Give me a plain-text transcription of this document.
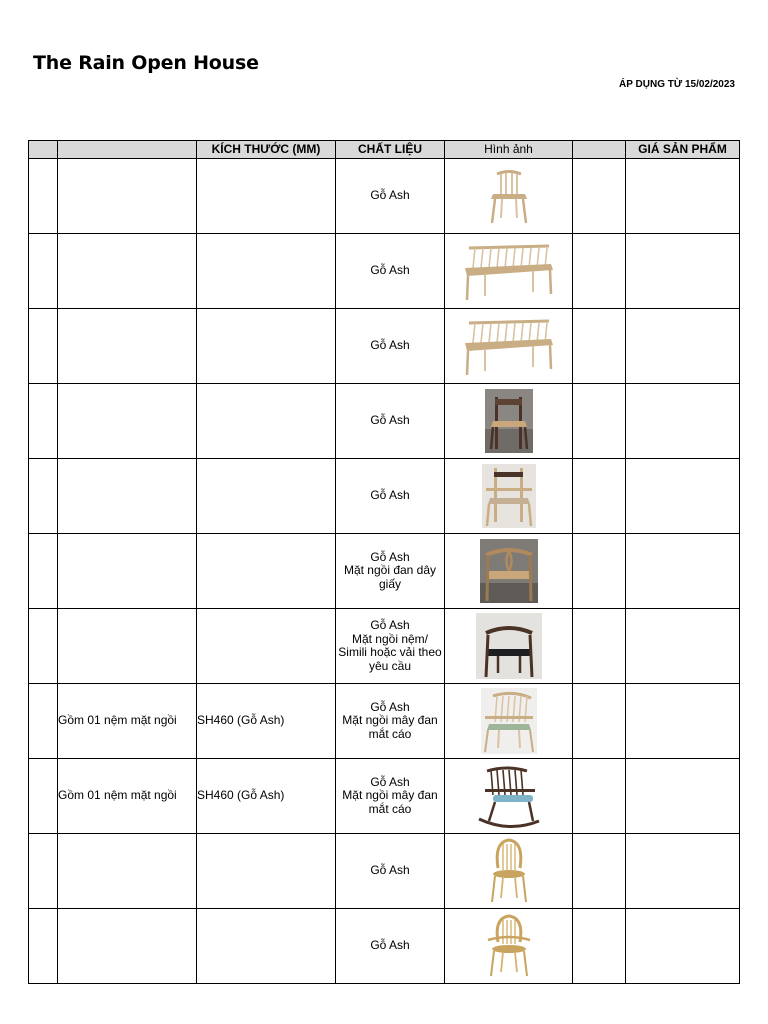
The Rain Open House
ÁP DỤNG TỪ 15/02/2023
		KÍCH THƯỚC (MM)	CHẤT LIỆU	Hình ảnh		GIÁ SẢN PHẨM

			Gỗ Ash

			Gỗ Ash

			Gỗ Ash

			Gỗ Ash

			Gỗ Ash

			Gỗ Ash
Mặt ngồi đan dây
giấy

			Gỗ Ash
Mặt ngồi nệm/
Simili hoặc vải theo
yêu cầu

	Gồm 01 nệm mặt ngồi	SH460 (Gỗ Ash)	Gỗ Ash
Mặt ngồi mây đan
mắt cáo

	Gồm 01 nệm mặt ngồi	SH460 (Gỗ Ash)	Gỗ Ash
Mặt ngồi mây đan
mắt cáo

			Gỗ Ash

			Gỗ Ash
